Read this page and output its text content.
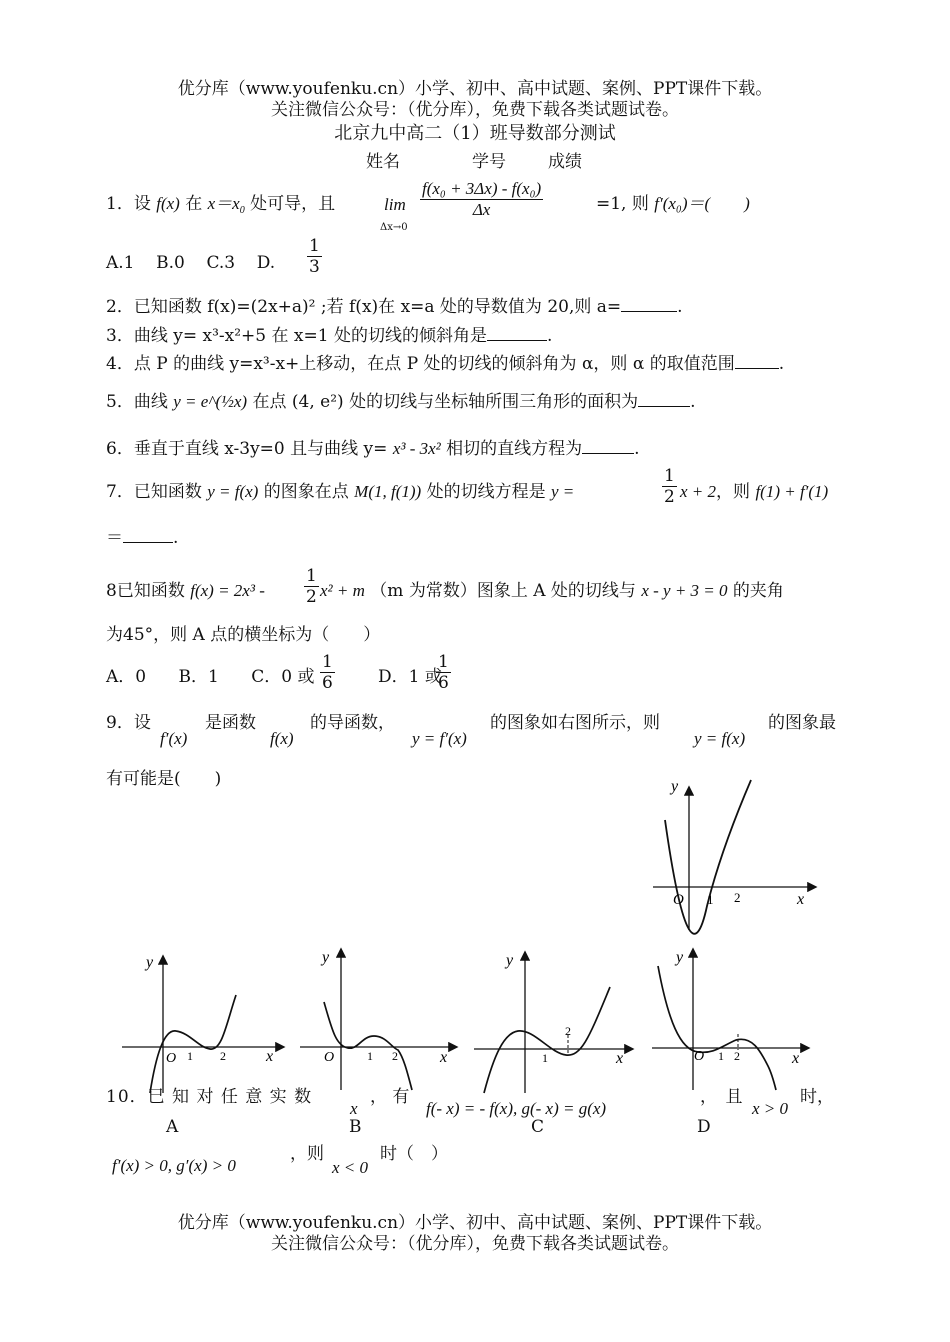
优分库（www.youfenku.cn）小学、初中、高中试题、案例、PPT课件下载。
关注微信公众号：（优分库），免费下载各类试题试卷。
北京九中高二（1）班导数部分测试
姓名	学号 成绩
1．设 f(x) 在 $x=x_0$ 处可导，且	lim
Δx→0
$\frac{\text{f(x₀ + 3Δx) - f(x₀)}}{\Delta x}$	=1, 则 f′(x₀)＝(　　)
A.1 B.0 C.3 D. $\frac{1}{3}$
2．已知函数 f(x)=(2x+a)² ;若 f(x)在 x=a 处的导数值为 20,则 a=	.
3．曲线 y= x³-x²+5 在 x=1 处的切线的倾斜角是	.
4．点 P 的曲线 y=x³-x+上移动，在点 P 处的切线的倾斜角为 α，则 α 的取值范围	.
5．曲线 y = e^(½x) 在点 (4, e²) 处的切线与坐标轴所围三角形的面积为	.
6．垂直于直线 x-3y=0 且与曲线 y= x³ - 3x² 相切的直线方程为	.
7．已知函数 y = f(x) 的图象在点 M(1, f(1)) 处的切线方程是 y =	$\frac{1}{2}$ x + 2，则 f(1) + f′(1)
＝	.
8已知函数 $f(x) = 2x^3 - \frac{1}{2} x^2 + m$ （m 为常数）图象上 A 处的切线与 x - y + 3 = 0 的夹角
为45°，则 A 点的横坐标为（　　）
A．0 B．1 C．0 或 $\frac{1}{6}$	D．1 或
$\frac{1}{6}$
9．设
f′(x)
是函数
f(x)
的导函数，
y = f′(x)
的图象如右图所示，则
y = f(x)
的图象最
有可能是(　　)	y
x
O 1 2
y
x
O 1 2
y
x
O	1 2
y
x
1
2
y
x
O 1 2
A	B	C	D
10．已 知 对 任 意 实 数
x
， 有
f(- x) = - f(x), g(- x) = g(x)
，　且
x > 0
时，
f′(x) > 0, g′(x) > 0
，则
x < 0
时（　）
优分库（www.youfenku.cn）小学、初中、高中试题、案例、PPT课件下载。
关注微信公众号：（优分库），免费下载各类试题试卷。
